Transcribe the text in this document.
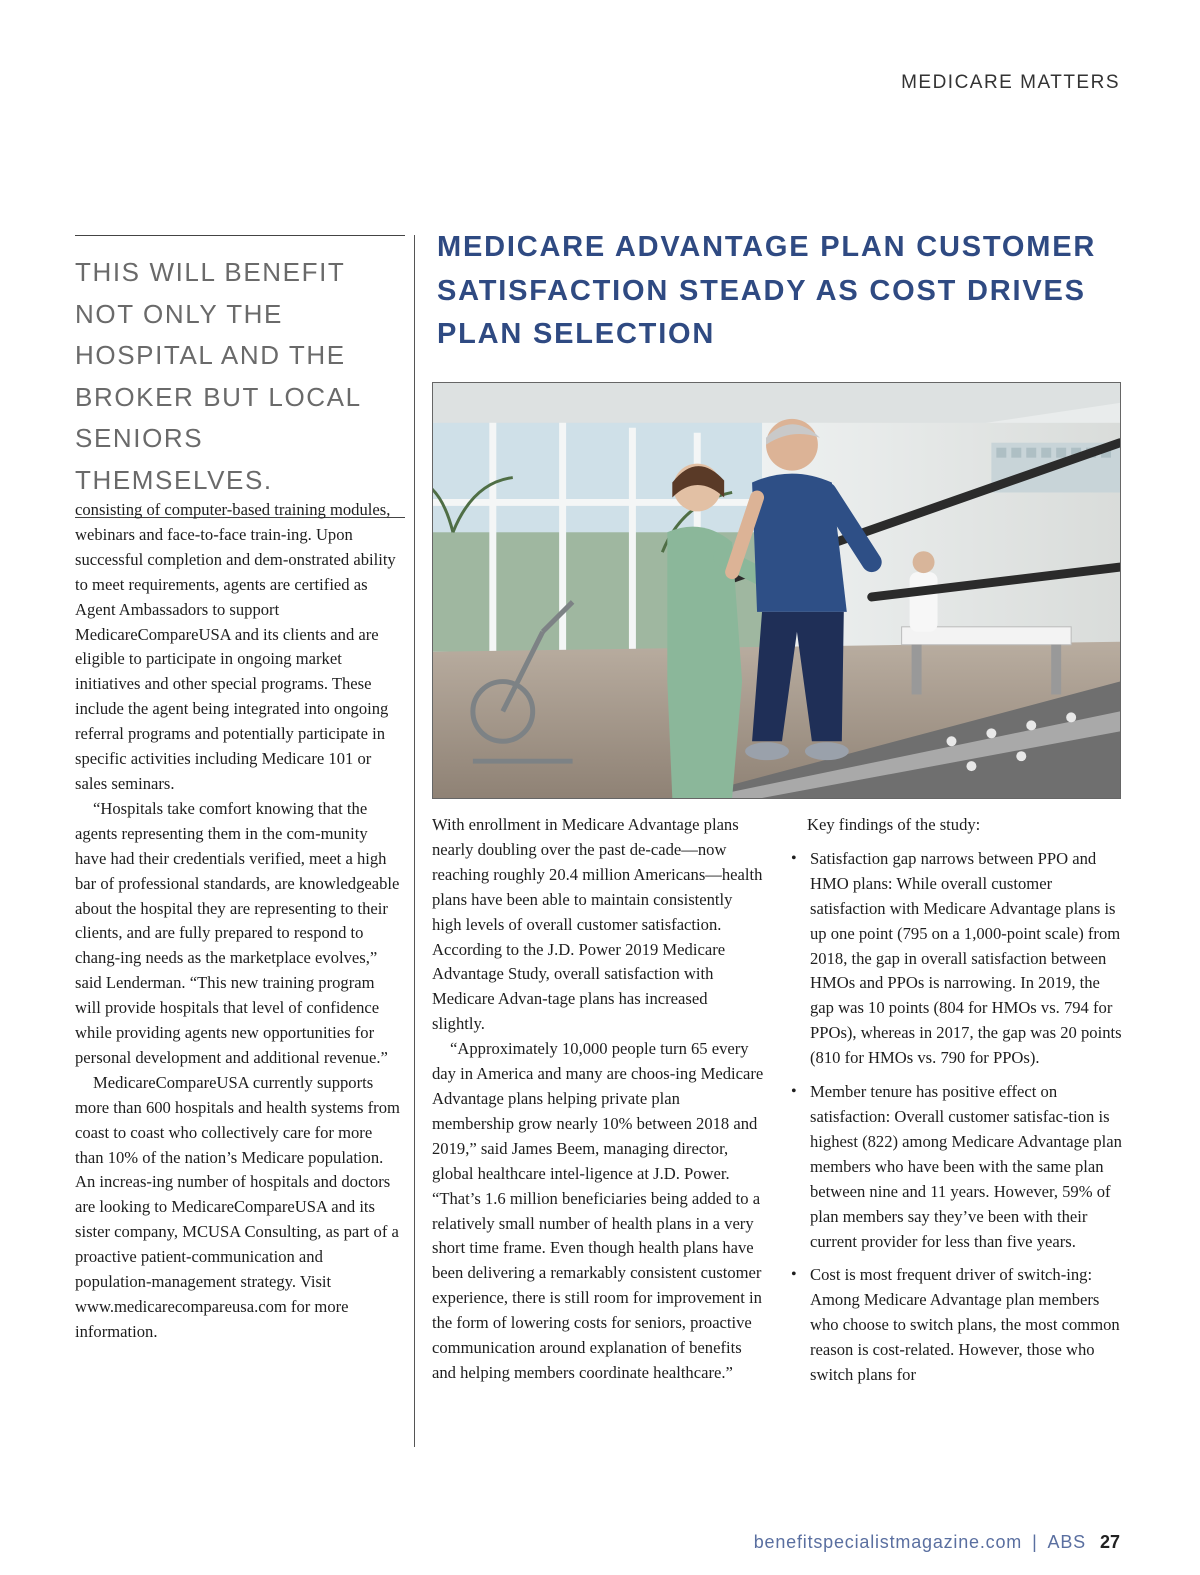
MEDICARE MATTERS

THIS WILL BENEFIT NOT ONLY THE HOSPITAL AND THE BROKER BUT LOCAL SENIORS THEMSELVES.

MEDICARE ADVANTAGE PLAN CUSTOMER SATISFACTION STEADY AS COST DRIVES PLAN SELECTION

consisting of computer-based training modules, webinars and face-to-face train-ing. Upon successful completion and dem-onstrated ability to meet requirements, agents are certified as Agent Ambassadors to support MedicareCompareUSA and its clients and are eligible to participate in ongoing market initiatives and other special programs. These include the agent being integrated into ongoing referral programs and potentially participate in specific activities including Medicare 101 or sales seminars.

“Hospitals take comfort knowing that the agents representing them in the com-munity have had their credentials verified, meet a high bar of professional standards, are knowledgeable about the hospital they are representing to their clients, and are fully prepared to respond to chang-ing needs as the marketplace evolves,” said Lenderman. “This new training program will provide hospitals that level of confidence while providing agents new opportunities for personal development and additional revenue.”

MedicareCompareUSA currently supports more than 600 hospitals and health systems from coast to coast who collectively care for more than 10% of the nation’s Medicare population. An increas-ing number of hospitals and doctors are looking to MedicareCompareUSA and its sister company, MCUSA Consulting, as part of a proactive patient-communication and population-management strategy. Visit www.medicarecompareusa.com for more information.

With enrollment in Medicare Advantage plans nearly doubling over the past de-cade—now reaching roughly 20.4 million Americans—health plans have been able to maintain consistently high levels of overall customer satisfaction. According to the J.D. Power 2019 Medicare Advantage Study, overall satisfaction with Medicare Advan-tage plans has increased slightly.

“Approximately 10,000 people turn 65 every day in America and many are choos-ing Medicare Advantage plans helping private plan membership grow nearly 10% between 2018 and 2019,” said James Beem, managing director, global healthcare intel-ligence at J.D. Power. “That’s 1.6 million beneficiaries being added to a relatively small number of health plans in a very short time frame. Even though health plans have been delivering a remarkably consistent customer experience, there is still room for improvement in the form of lowering costs for seniors, proactive communication around explanation of benefits and helping members coordinate healthcare.”

Key findings of the study:

• Satisfaction gap narrows between PPO and HMO plans: While overall customer satisfaction with Medicare Advantage plans is up one point (795 on a 1,000-point scale) from 2018, the gap in overall satisfaction between HMOs and PPOs is narrowing. In 2019, the gap was 10 points (804 for HMOs vs. 794 for PPOs), whereas in 2017, the gap was 20 points (810 for HMOs vs. 790 for PPOs).
• Member tenure has positive effect on satisfaction: Overall customer satisfac-tion is highest (822) among Medicare Advantage plan members who have been with the same plan between nine and 11 years. However, 59% of plan members say they’ve been with their current provider for less than five years.
• Cost is most frequent driver of switch-ing: Among Medicare Advantage plan members who choose to switch plans, the most common reason is cost-related. However, those who switch plans for
benefitspecialistmagazine.com | ABS 27
